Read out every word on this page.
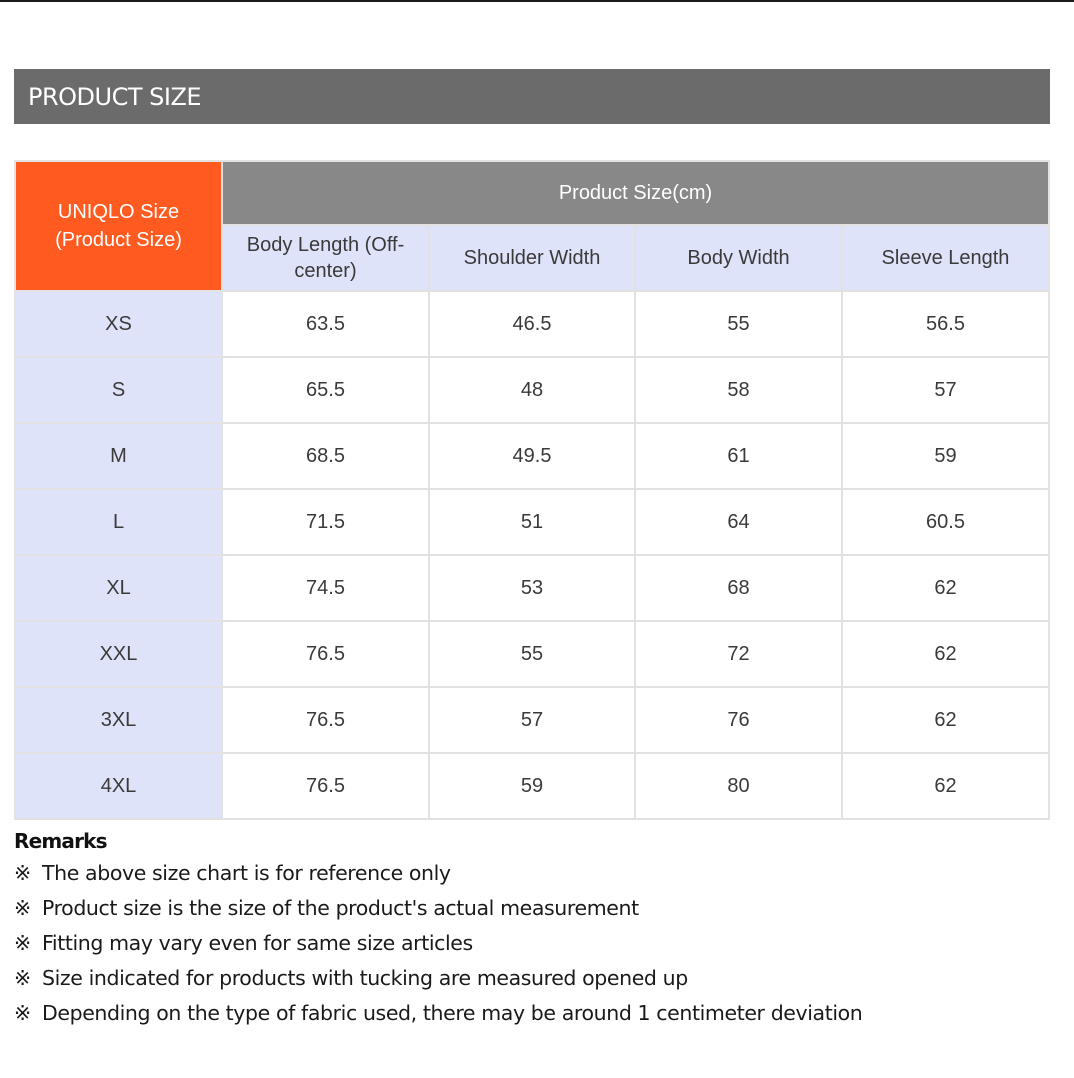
PRODUCT SIZE
UNIQLO Size
(Product Size)	Product Size(cm)			
	Body Length (Off-center)	Shoulder Width	Body Width	Sleeve Length
XS	63.5	46.5	55	56.5
S	65.5	48	58	57
M	68.5	49.5	61	59
L	71.5	51	64	60.5
XL	74.5	53	68	62
XXL	76.5	55	72	62
3XL	76.5	57	76	62
4XL	76.5	59	80	62
Remarks
※ The above size chart is for reference only
※ Product size is the size of the product's actual measurement
※ Fitting may vary even for same size articles
※ Size indicated for products with tucking are measured opened up
※ Depending on the type of fabric used, there may be around 1 centimeter deviation
